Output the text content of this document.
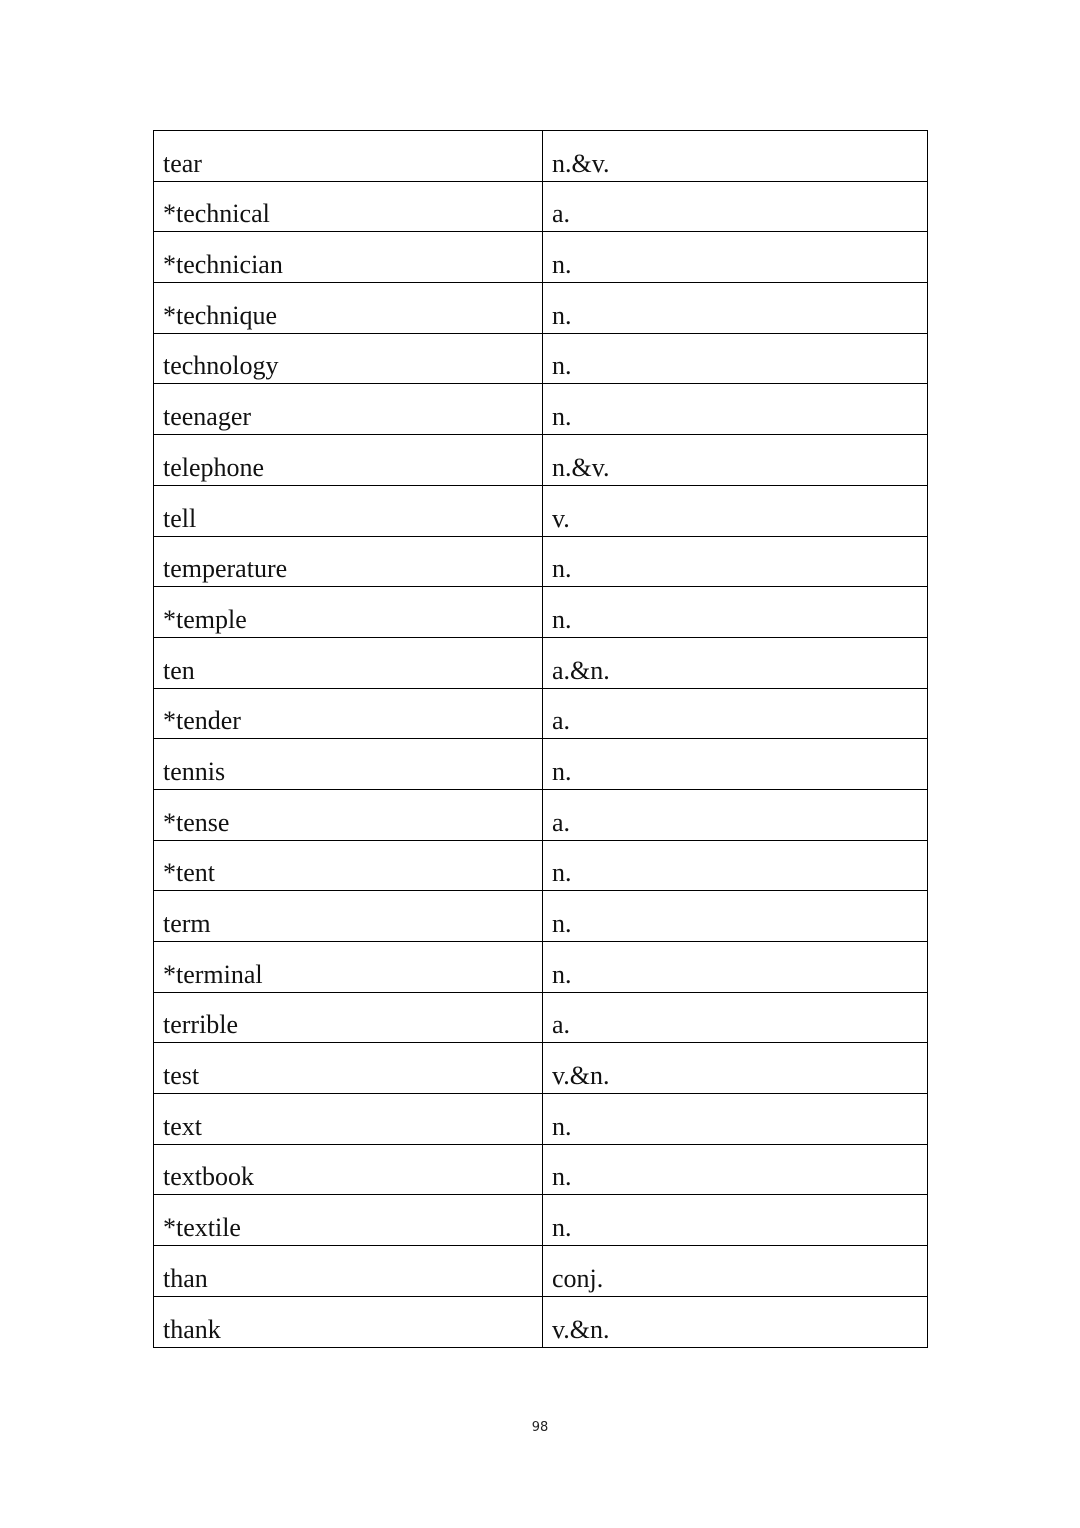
tear	n.&v.
*technical	a.
*technician	n.
*technique	n.
technology	n.
teenager	n.
telephone	n.&v.
tell	v.
temperature	n.
*temple	n.
ten	a.&n.
*tender	a.
tennis	n.
*tense	a.
*tent	n.
term	n.
*terminal	n.
terrible	a.
test	v.&n.
text	n.
textbook	n.
*textile	n.
than	conj.
thank	v.&n.
98
